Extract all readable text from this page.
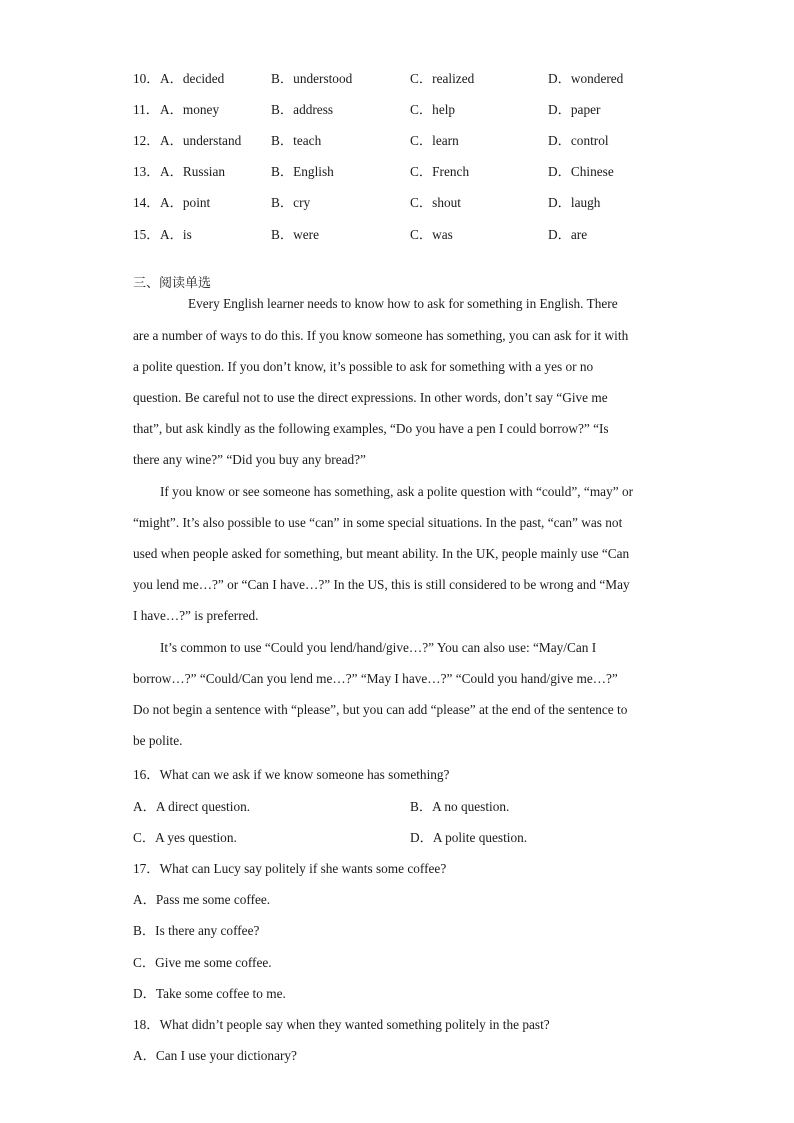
10． A．decided	B．understood	C．realized	D．wondered
11． A．money	B．address	C．help	D．paper
12． A．understand B．teach	C．learn	D．control
13． A．Russian	B．English	C．French	D．Chinese
14． A．point	B．cry	C．shout	D．laugh
15． A．is	B．were	C．was	D．are
三、阅读单选
Every English learner needs to know how to ask for something in English. There
are a number of ways to do this. If you know someone has something, you can ask for it with
a polite question. If you don’t know, it’s possible to ask for something with a yes or no
question. Be careful not to use the direct expressions. In other words, don’t say “Give me
that”, but ask kindly as the following examples, “Do you have a pen I could borrow?” “Is
there any wine?” “Did you buy any bread?”
If you know or see someone has something, ask a polite question with “could”, “may” or
“might”. It’s also possible to use “can” in some special situations. In the past, “can” was not
used when people asked for something, but meant ability. In the UK, people mainly use “Can
you lend me…?” or “Can I have…?” In the US, this is still considered to be wrong and “May
I have…?” is preferred.
It’s common to use “Could you lend/hand/give…?” You can also use: “May/Can I
borrow…?” “Could/Can you lend me…?” “May I have…?” “Could you hand/give me…?”
Do not begin a sentence with “please”, but you can add “please” at the end of the sentence to
be polite.
16．What can we ask if we know someone has something?
A．A direct question.	B．A no question.
C．A yes question.	D．A polite question.
17．What can Lucy say politely if she wants some coffee?
A．Pass me some coffee.
B．Is there any coffee?
C．Give me some coffee.
D．Take some coffee to me.
18．What didn’t people say when they wanted something politely in the past?
A．Can I use your dictionary?
